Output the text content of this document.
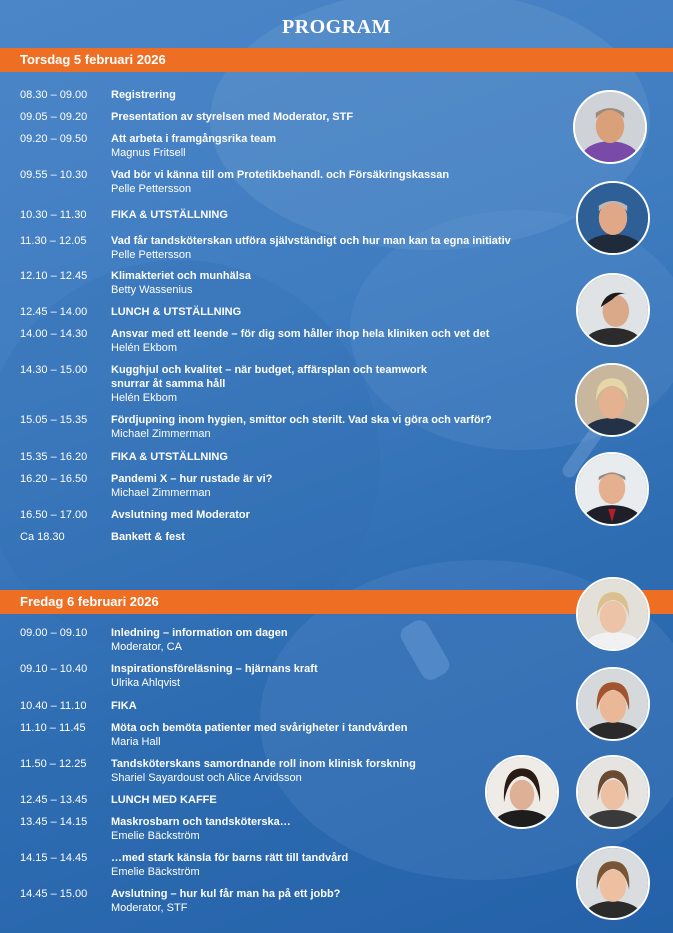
PROGRAM
Torsdag 5 februari 2026
08.30 – 09.00	Registrering
09.05 – 09.20	Presentation av styrelsen med Moderator, STF
09.20 – 09.50	Att arbeta i framgångsrika team
Magnus Fritsell
09.55 – 10.30	Vad bör vi känna till om Protetikbehandl. och Försäkringskassan
Pelle Pettersson
10.30 – 11.30	FIKA & UTSTÄLLNING
11.30 – 12.05	Vad får tandsköterskan utföra självständigt och hur man kan ta egna initiativ
Pelle Pettersson
12.10 – 12.45	Klimakteriet och munhälsa
Betty Wassenius
12.45 – 14.00	LUNCH & UTSTÄLLNING
14.00 – 14.30	Ansvar med ett leende – för dig som håller ihop hela kliniken och vet det
Helén Ekbom
14.30 – 15.00	Kugghjul och kvalitet – när budget, affärsplan och teamwork
snurrar åt samma håll
Helén Ekbom
15.05 – 15.35	Fördjupning inom hygien, smittor och sterilt. Vad ska vi göra och varför?
Michael Zimmerman
15.35 – 16.20	FIKA & UTSTÄLLNING
16.20 – 16.50	Pandemi X – hur rustade är vi?
Michael Zimmerman
16.50 – 17.00	Avslutning med Moderator
Ca 18.30	Bankett & fest
Fredag 6 februari 2026
09.00 – 09.10	Inledning – information om dagen
Moderator, CA
09.10 – 10.40	Inspirationsföreläsning – hjärnans kraft
Ulrika Ahlqvist
10.40 – 11.10	FIKA
11.10 – 11.45	Möta och bemöta patienter med svårigheter i tandvården
Maria Hall
11.50 – 12.25	Tandsköterskans samordnande roll inom klinisk forskning
Shariel Sayardoust och Alice Arvidsson
12.45 – 13.45	LUNCH MED KAFFE
13.45 – 14.15	Maskrosbarn och tandsköterska…
Emelie Bäckström
14.15 – 14.45	…med stark känsla för barns rätt till tandvård
Emelie Bäckström
14.45 – 15.00	Avslutning – hur kul får man ha på ett jobb?
Moderator, STF
